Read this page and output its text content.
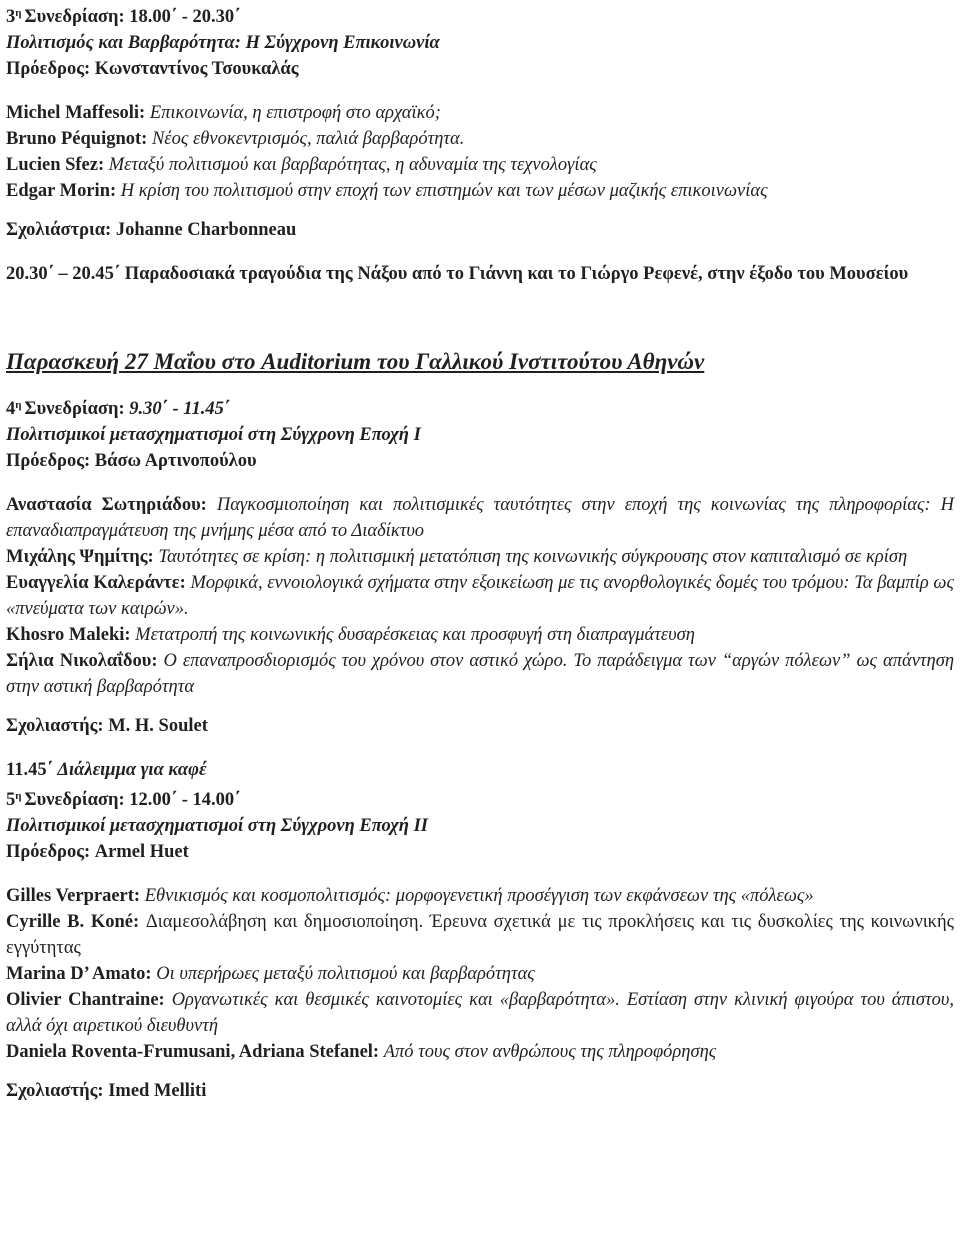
$3^\eta$ Συνεδρίαση: 18.00΄ - 20.30΄
Πολιτισμός και Βαρβαρότητα: Η Σύγχρονη Επικοινωνία
Πρόεδρος: Κωνσταντίνος Τσουκαλάς
Michel Maffesoli: Επικοινωνία, η επιστροφή στο αρχαϊκό;
Bruno Péquignot: Νέος εθνοκεντρισμός, παλιά βαρβαρότητα.
Lucien Sfez: Μεταξύ πολιτισμού και βαρβαρότητας, η αδυναμία της τεχνολογίας
Edgar Morin: Η κρίση του πολιτισμού στην εποχή των επιστημών και των μέσων μαζικής επικοινωνίας
Σχολιάστρια: Johanne Charbonneau
20.30΄ – 20.45΄ Παραδοσιακά τραγούδια της Νάξου από το Γιάννη και το Γιώργο Ρεφενέ, στην έξοδο του Μουσείου
Παρασκευή 27 Μαΐου στο Auditorium του Γαλλικού Ινστιτούτου Αθηνών
$4^\eta$ Συνεδρίαση: 9.30΄ - 11.45΄
Πολιτισμικοί μετασχηματισμοί στη Σύγχρονη Εποχή Ι
Πρόεδρος: Βάσω Αρτινοπούλου
Αναστασία Σωτηριάδου: Παγκοσμιοποίηση και πολιτισμικές ταυτότητες στην εποχή της κοινωνίας της πληροφορίας: Η επαναδιαπραγμάτευση της μνήμης μέσα από το Διαδίκτυο
Μιχάλης Ψημίτης: Ταυτότητες σε κρίση: η πολιτισμική μετατόπιση της κοινωνικής σύγκρουσης στον καπιταλισμό σε κρίση
Ευαγγελία Καλεράντε: Μορφικά, εννοιολογικά σχήματα στην εξοικείωση με τις ανορθολογικές δομές του τρόμου: Τα βαμπίρ ως «πνεύματα των καιρών».
Khosro Maleki: Μετατροπή της κοινωνικής δυσαρέσκειας και προσφυγή στη διαπραγμάτευση
Σήλια Νικολαΐδου: Ο επαναπροσδιορισμός του χρόνου στον αστικό χώρο. Το παράδειγμα των “αργών πόλεων” ως απάντηση στην αστική βαρβαρότητα
Σχολιαστής: M. H. Soulet
11.45΄ Διάλειμμα για καφέ
$5^\eta$ Συνεδρίαση: 12.00΄ - 14.00΄
Πολιτισμικοί μετασχηματισμοί στη Σύγχρονη Εποχή ΙΙ
Πρόεδρος: Armel Huet
Gilles Verpraert: Εθνικισμός και κοσμοπολιτισμός: μορφογενετική προσέγγιση των εκφάνσεων της «πόλεως»
Cyrille B. Koné: Διαμεσολάβηση και δημοσιοποίηση. Έρευνα σχετικά με τις προκλήσεις και τις δυσκολίες της κοινωνικής εγγύτητας
Marina D’ Amato: Οι υπερήρωες μεταξύ πολιτισμού και βαρβαρότητας
Olivier Chantraine: Οργανωτικές και θεσμικές καινοτομίες και «βαρβαρότητα». Εστίαση στην κλινική φιγούρα του άπιστου, αλλά όχι αιρετικού διευθυντή
Daniela Roventa-Frumusani, Adriana Stefanel: Από τους στον ανθρώπους της πληροφόρησης
Σχολιαστής: Imed Melliti
